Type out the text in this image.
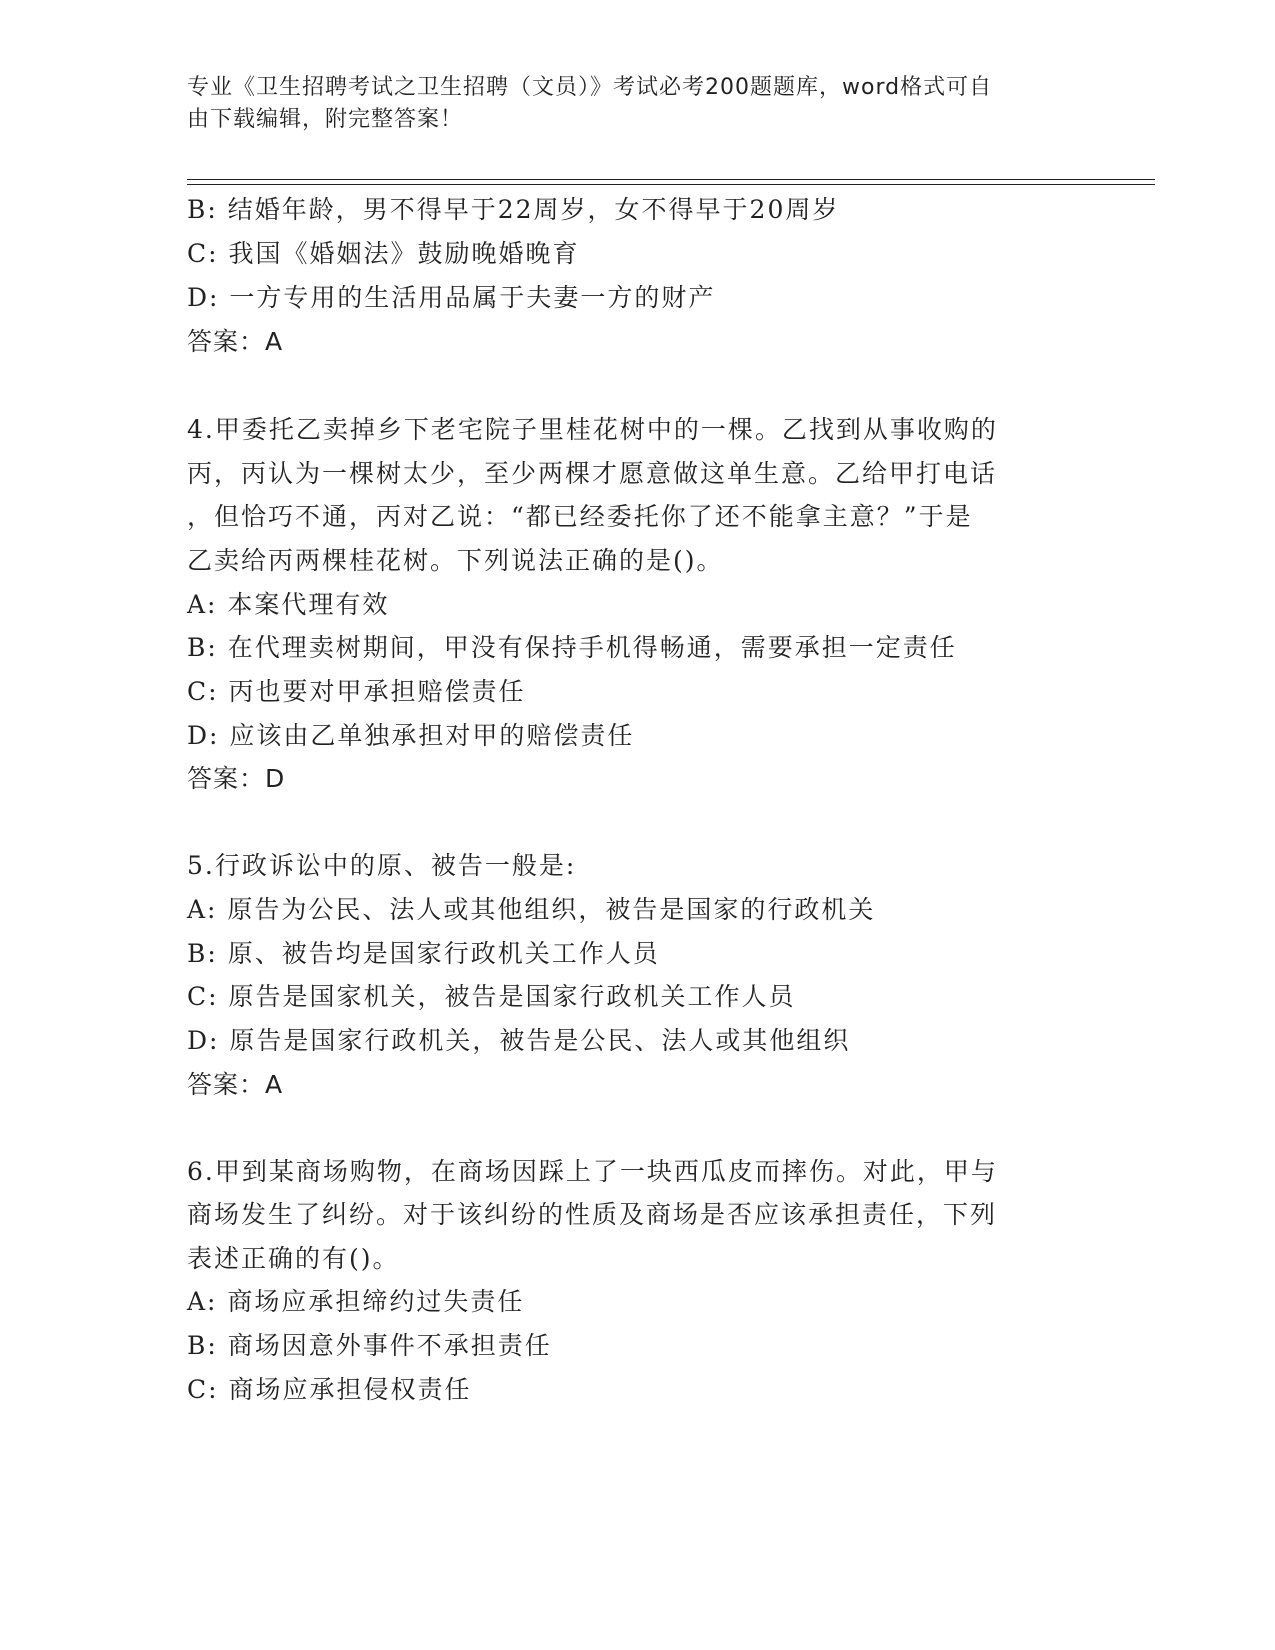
专业《卫生招聘考试之卫生招聘（文员）》考试必考200题题库，word格式可自
由下载编辑，附完整答案！
B: 结婚年龄，男不得早于22周岁，女不得早于20周岁
C: 我国《婚姻法》鼓励晚婚晚育
D: 一方专用的生活用品属于夫妻一方的财产
答案：A
4.甲委托乙卖掉乡下老宅院子里桂花树中的一棵。乙找到从事收购的
丙，丙认为一棵树太少，至少两棵才愿意做这单生意。乙给甲打电话
，但恰巧不通，丙对乙说：“都已经委托你了还不能拿主意？”于是
乙卖给丙两棵桂花树。下列说法正确的是()。
A: 本案代理有效
B: 在代理卖树期间，甲没有保持手机得畅通，需要承担一定责任
C: 丙也要对甲承担赔偿责任
D: 应该由乙单独承担对甲的赔偿责任
答案：D
5.行政诉讼中的原、被告一般是:
A: 原告为公民、法人或其他组织，被告是国家的行政机关
B: 原、被告均是国家行政机关工作人员
C: 原告是国家机关，被告是国家行政机关工作人员
D: 原告是国家行政机关，被告是公民、法人或其他组织
答案：A
6.甲到某商场购物，在商场因踩上了一块西瓜皮而摔伤。对此，甲与
商场发生了纠纷。对于该纠纷的性质及商场是否应该承担责任，下列
表述正确的有()。
A: 商场应承担缔约过失责任
B: 商场因意外事件不承担责任
C: 商场应承担侵权责任
